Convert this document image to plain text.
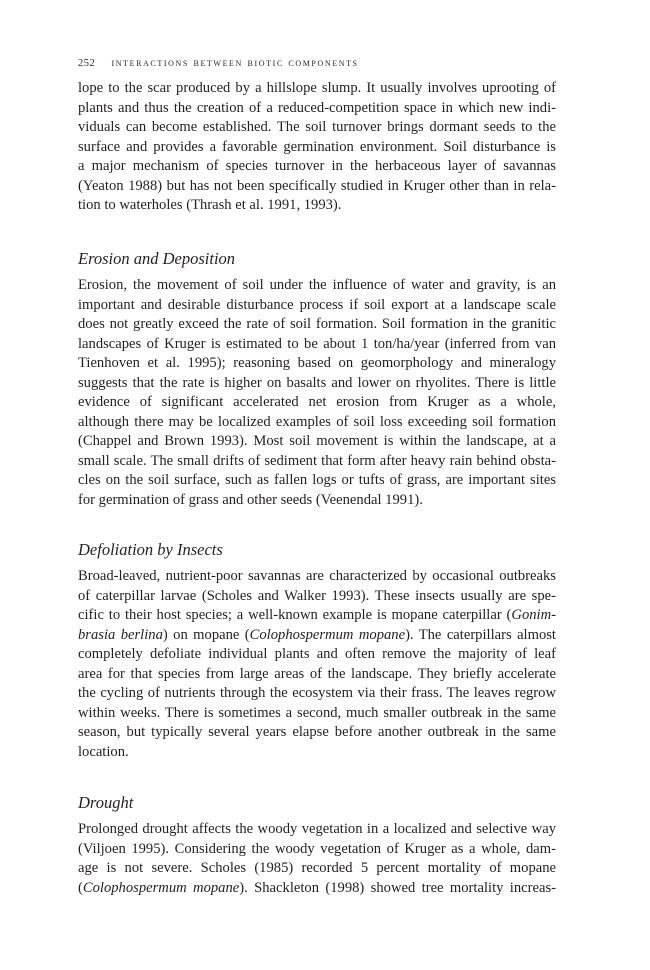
252 interactions between biotic components
lope to the scar produced by a hillslope slump. It usually involves uprooting of
plants and thus the creation of a reduced-competition space in which new indi-
viduals can become established. The soil turnover brings dormant seeds to the
surface and provides a favorable germination environment. Soil disturbance is
a major mechanism of species turnover in the herbaceous layer of savannas
(Yeaton 1988) but has not been specifically studied in Kruger other than in rela-
tion to waterholes (Thrash et al. 1991, 1993).
Erosion and Deposition
Erosion, the movement of soil under the influence of water and gravity, is an
important and desirable disturbance process if soil export at a landscape scale
does not greatly exceed the rate of soil formation. Soil formation in the granitic
landscapes of Kruger is estimated to be about 1 ton/ha/year (inferred from van
Tienhoven et al. 1995); reasoning based on geomorphology and mineralogy
suggests that the rate is higher on basalts and lower on rhyolites. There is little
evidence of significant accelerated net erosion from Kruger as a whole,
although there may be localized examples of soil loss exceeding soil formation
(Chappel and Brown 1993). Most soil movement is within the landscape, at a
small scale. The small drifts of sediment that form after heavy rain behind obsta-
cles on the soil surface, such as fallen logs or tufts of grass, are important sites
for germination of grass and other seeds (Veenendal 1991).
Defoliation by Insects
Broad-leaved, nutrient-poor savannas are characterized by occasional outbreaks
of caterpillar larvae (Scholes and Walker 1993). These insects usually are spe-
cific to their host species; a well-known example is mopane caterpillar (Gonim-
brasia berlina) on mopane (Colophospermum mopane). The caterpillars almost
completely defoliate individual plants and often remove the majority of leaf
area for that species from large areas of the landscape. They briefly accelerate
the cycling of nutrients through the ecosystem via their frass. The leaves regrow
within weeks. There is sometimes a second, much smaller outbreak in the same
season, but typically several years elapse before another outbreak in the same
location.
Drought
Prolonged drought affects the woody vegetation in a localized and selective way
(Viljoen 1995). Considering the woody vegetation of Kruger as a whole, dam-
age is not severe. Scholes (1985) recorded 5 percent mortality of mopane
(Colophospermum mopane). Shackleton (1998) showed tree mortality increas-
